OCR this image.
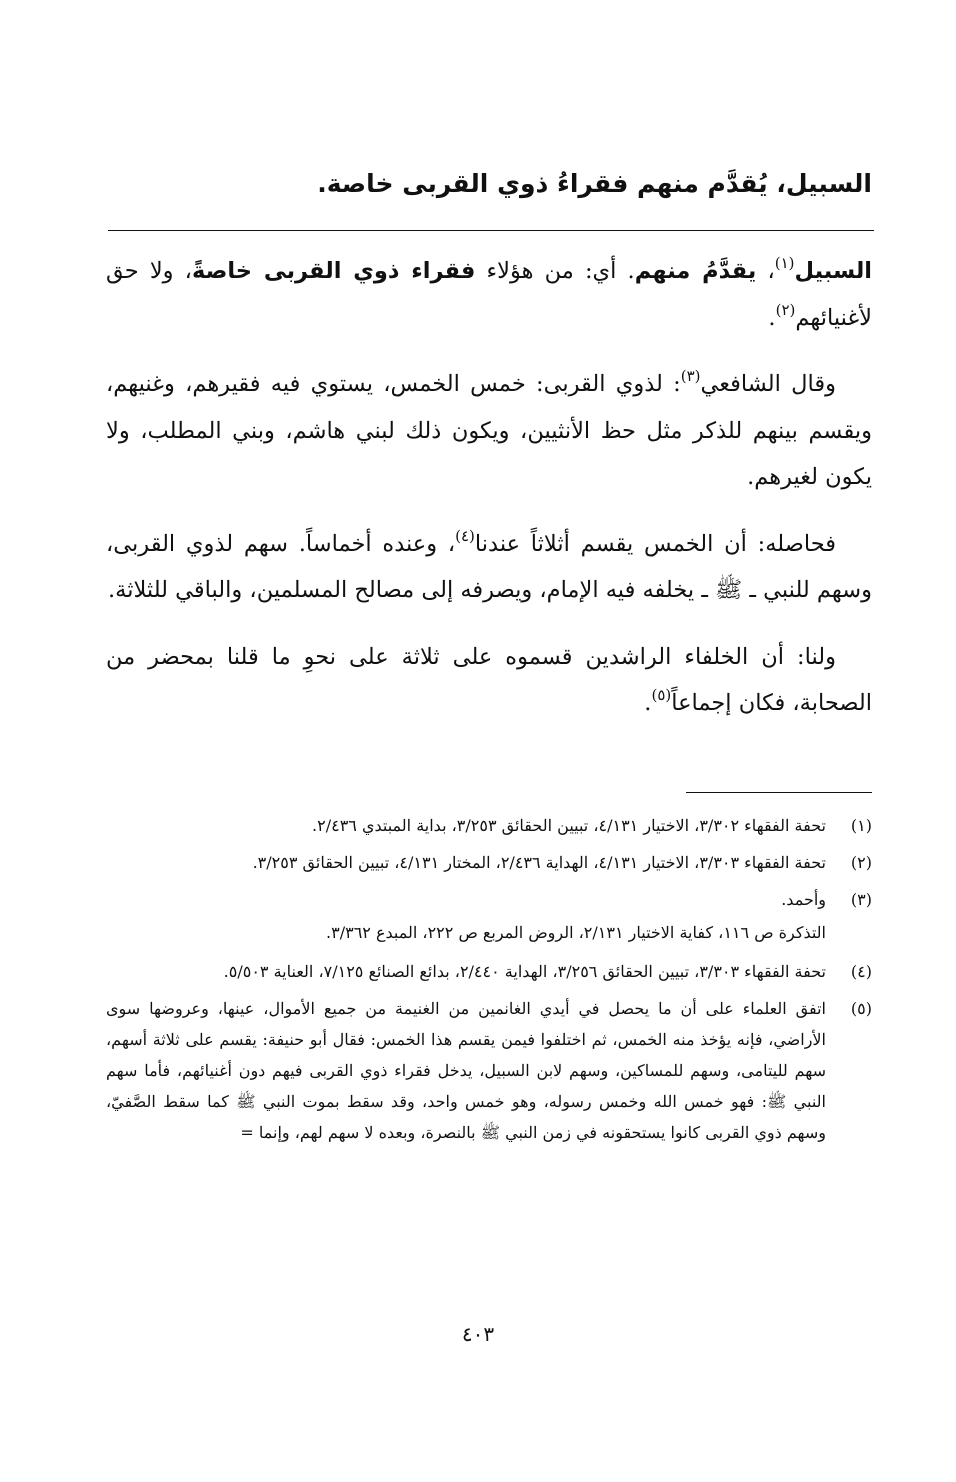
السبيل، يُقدَّم منهم فقراءُ ذوي القربى خاصة.

السبيل$^{(١)}$، يقدَّمُ منهم. أي: من هؤلاء فقراء ذوي القربى خاصةً، ولا حق لأغنيائهم$^{(٢)}$.

وقال الشافعي$^{(٣)}$: لذوي القربى: خمس الخمس، يستوي فيه فقيرهم، وغنيهم، ويقسم بينهم للذكر مثل حظ الأنثيين، ويكون ذلك لبني هاشم، وبني المطلب، ولا يكون لغيرهم.

فحاصله: أن الخمس يقسم أثلاثاً عندنا$^{(٤)}$، وعنده أخماساً. سهم لذوي القربى، وسهم للنبي ـ ﷺ ـ يخلفه فيه الإمام، ويصرفه إلى مصالح المسلمين، والباقي للثلاثة.

ولنا: أن الخلفاء الراشدين قسموه على ثلاثة على نحوِ ما قلنا بمحضر من الصحابة، فكان إجماعاً$^{(٥)}$.

(١)
تحفة الفقهاء ٣/٣٠٢، الاختيار ٤/١٣١، تبيين الحقائق ٣/٢٥٣، بداية المبتدي ٢/٤٣٦.
(٢)
تحفة الفقهاء ٣/٣٠٣، الاختيار ٤/١٣١، الهداية ٢/٤٣٦، المختار ٤/١٣١، تبيين الحقائق ٣/٢٥٣.
(٣)
وأحمد.
التذكرة ص ١١٦، كفاية الاختيار ٢/١٣١، الروض المربع ص ٢٢٢، المبدع ٣/٣٦٢.
(٤)
تحفة الفقهاء ٣/٣٠٣، تبيين الحقائق ٣/٢٥٦، الهداية ٢/٤٤٠، بدائع الصنائع ٧/١٢٥، العناية ٥/٥٠٣.
(٥)
اتفق العلماء على أن ما يحصل في أيدي الغانمين من الغنيمة من جميع الأموال، عينها، وعروضها سوى الأراضي، فإنه يؤخذ منه الخمس، ثم اختلفوا فيمن يقسم هذا الخمس: فقال أبو حنيفة: يقسم على ثلاثة أسهم، سهم لليتامى، وسهم للمساكين، وسهم لابن السبيل، يدخل فقراء ذوي القربى فيهم دون أغنيائهم، فأما سهم النبي ﷺ: فهو خمس الله وخمس رسوله، وهو خمس واحد، وقد سقط بموت النبي ﷺ كما سقط الصَّفيّ، وسهم ذوي القربى كانوا يستحقونه في زمن النبي ﷺ بالنصرة، وبعده لا سهم لهم، وإنما =
٤٠٣
